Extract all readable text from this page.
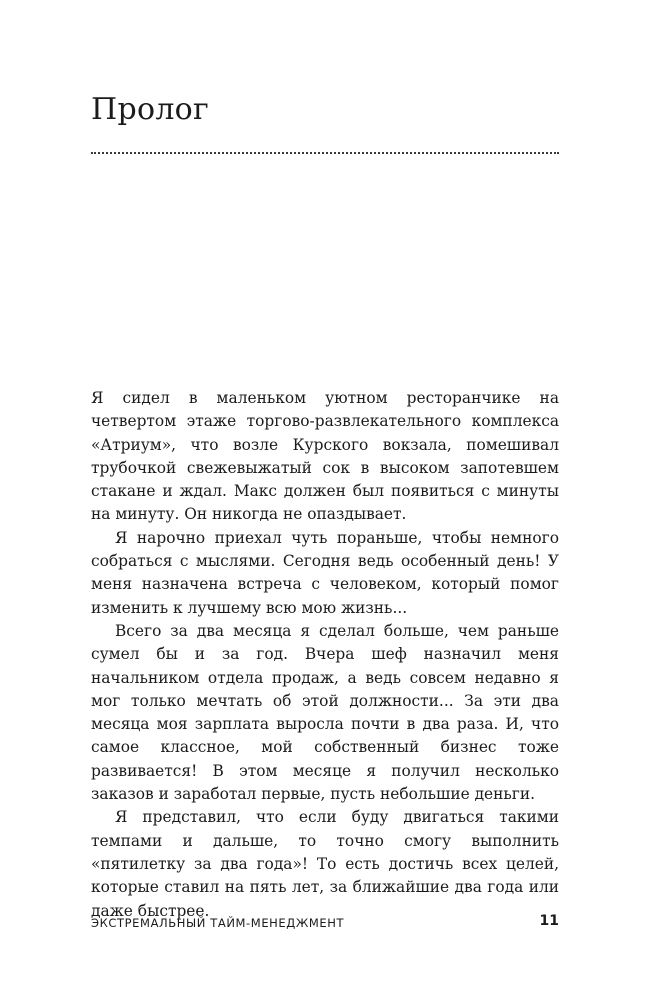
Пролог

Я сидел в маленьком уютном ресторанчике на четвертом этаже торгово-развлекательного комплекса «Атриум», что возле Курского вокзала, помешивал трубочкой свежевыжатый сок в высоком запотевшем стакане и ждал. Макс должен был появиться с минуты на минуту. Он никогда не опаздывает.

Я нарочно приехал чуть пораньше, чтобы немного собраться с мыслями. Сегодня ведь особенный день! У меня назначена встреча с человеком, который помог изменить к лучшему всю мою жизнь...

Всего за два месяца я сделал больше, чем раньше сумел бы и за год. Вчера шеф назначил меня начальником отдела продаж, а ведь совсем недавно я мог только мечтать об этой должности... За эти два месяца моя зарплата выросла почти в два раза. И, что самое классное, мой собственный бизнес тоже развивается! В этом месяце я получил несколько заказов и заработал первые, пусть небольшие деньги.

Я представил, что если буду двигаться такими темпами и дальше, то точно смогу выполнить «пятилетку за два года»! То есть достичь всех целей, которые ставил на пять лет, за ближайшие два года или даже быстрее.

ЭКСТРЕМАЛЬНЫЙ ТАЙМ-МЕНЕДЖМЕНТ	11
